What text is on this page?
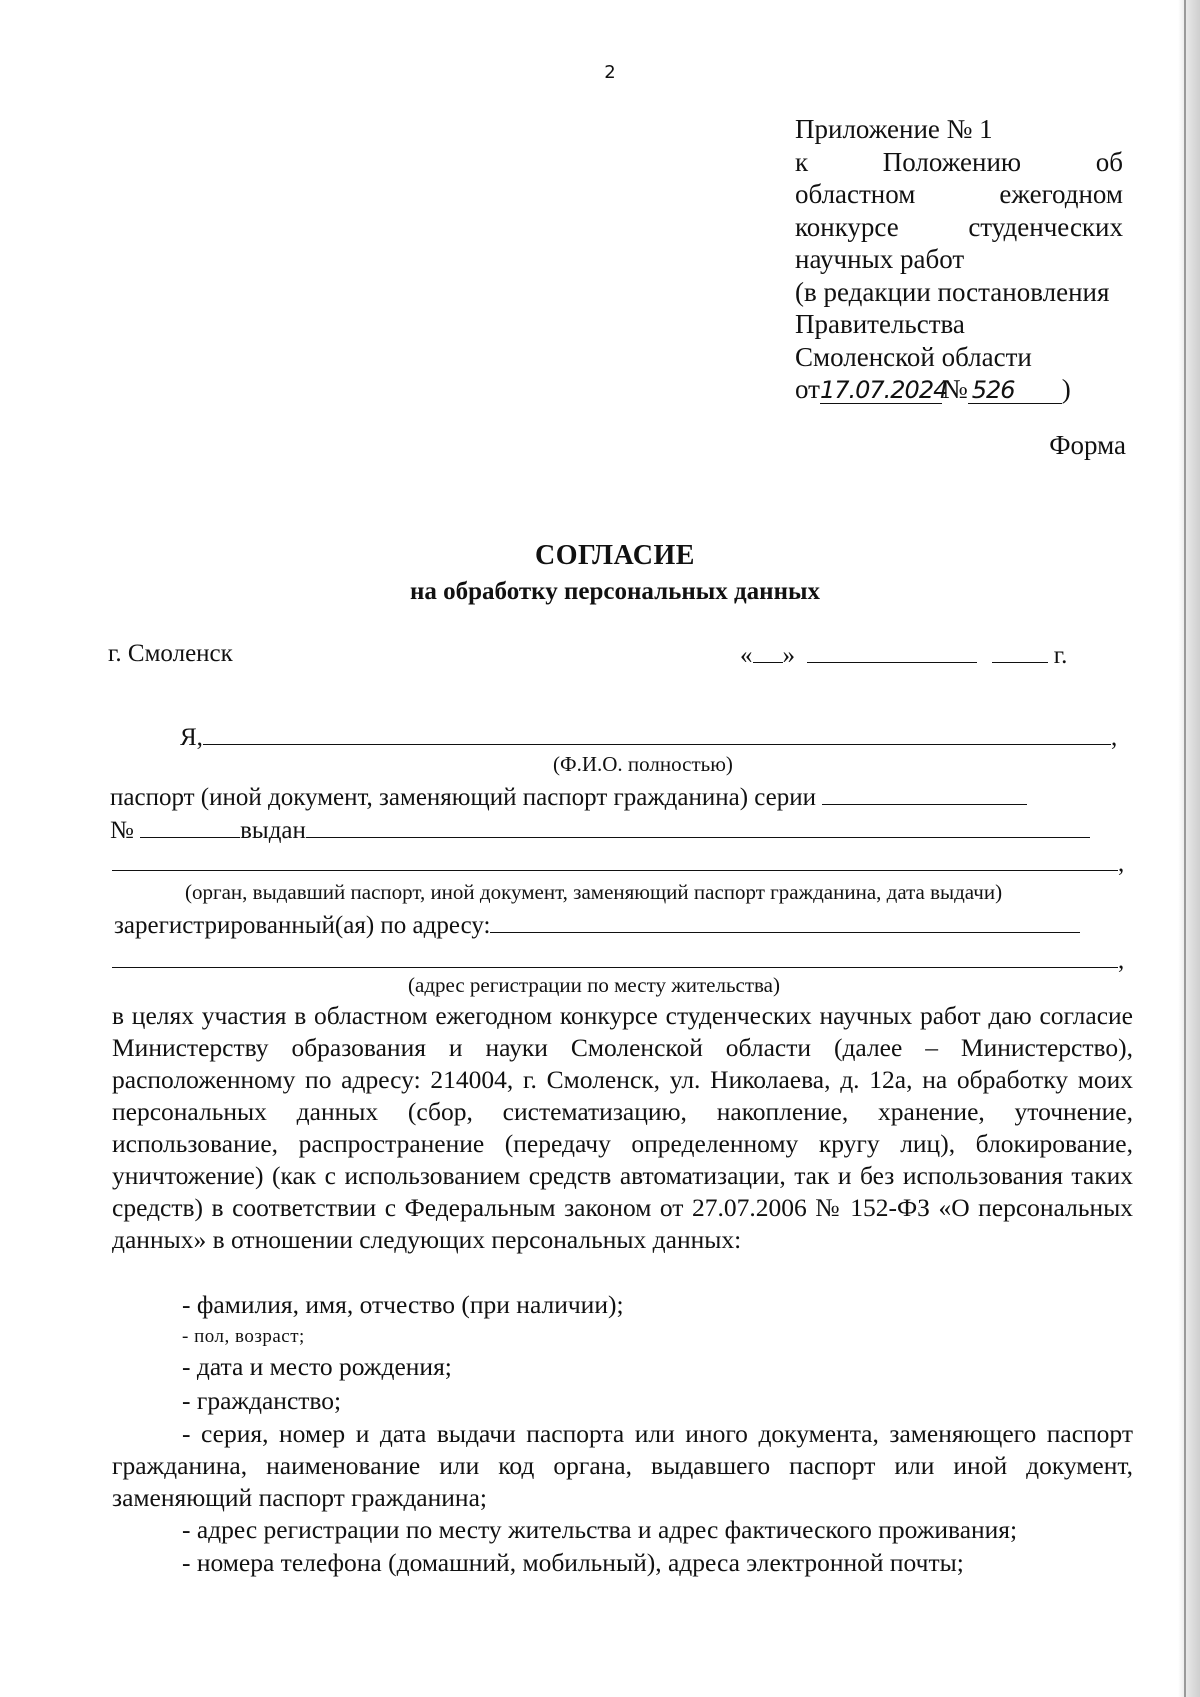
2
Приложение № 1
к	Положению	об
областном	ежегодном
конкурсе	студенческих
научных работ
(в редакции постановления
Правительства
Смоленской области
от17.07.2024№ 526 )
Форма
СОГЛАСИЕ
на обработку персональных данных
г. Смоленск	« »	г.
Я,	,
(Ф.И.О. полностью)
паспорт (иной документ, заменяющий паспорт гражданина) серии
№	выдан
,
(орган, выдавший паспорт, иной документ, заменяющий паспорт гражданина, дата выдачи)
зарегистрированный(ая) по адресу:
,
(адрес регистрации по месту жительства)

в целях участия в областном ежегодном конкурсе студенческих научных работ даю согласие Министерству образования и науки Смоленской области (далее – Министерство), расположенному по адресу: 214004, г. Смоленск, ул. Николаева, д. 12а, на обработку моих персональных данных (сбор, систематизацию, накопление, хранение, уточнение, использование, распространение (передачу определенному кругу лиц), блокирование, уничтожение) (как с использованием средств автоматизации, так и без использования таких средств) в соответствии с Федеральным законом от 27.07.2006 № 152-ФЗ «О персональных данных» в отношении следующих персональных данных:

- фамилия, имя, отчество (при наличии);
- пол, возраст;
- дата и место рождения;
- гражданство;
- серия, номер и дата выдачи паспорта или иного документа, заменяющего паспорт гражданина, наименование или код органа, выдавшего паспорт или иной документ, заменяющий паспорт гражданина;
- адрес регистрации по месту жительства и адрес фактического проживания;
- номера телефона (домашний, мобильный), адреса электронной почты;
